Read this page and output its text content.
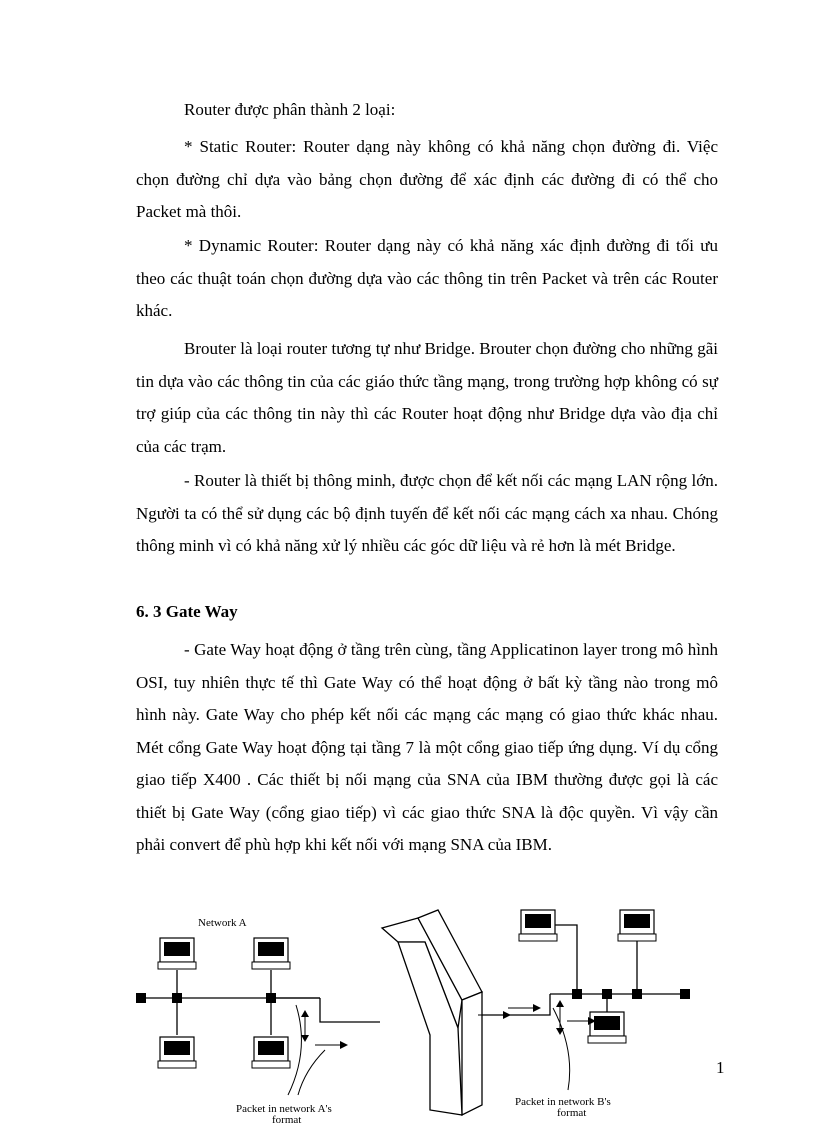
Router được phân thành 2 loại:

* Static Router: Router dạng này không có khả năng chọn đường đi. Việc chọn đường chỉ dựa vào bảng chọn đường để xác định các đường đi có thể cho Packet mà thôi.

* Dynamic Router: Router dạng này có khả năng xác định đường đi tối ưu theo các thuật toán chọn đường dựa vào các thông tin trên Packet và trên các Router khác.

Brouter là loại router tương tự như Bridge. Brouter chọn đường cho những gãi tin dựa vào các thông tin của các giáo thức tầng mạng, trong trường hợp không có sự trợ giúp của các thông tin này thì các Router hoạt động như Bridge dựa vào địa chỉ của các trạm.

- Router là thiết bị thông minh, được chọn để kết nối các mạng LAN rộng lớn. Người ta có thể sử dụng các bộ định tuyến để kết nối các mạng cách xa nhau. Chóng thông minh vì có khả năng xử lý nhiều các góc dữ liệu và rẻ hơn là mét Bridge.

6. 3 Gate Way

- Gate Way hoạt động ở tầng trên cùng, tầng Applicatinon layer trong mô hình OSI, tuy nhiên thực tế thì Gate Way có thể hoạt động ở bất kỳ tầng nào trong mô hình này. Gate Way cho phép kết nối các mạng các mạng có giao thức khác nhau. Mét cổng Gate Way hoạt động tại tầng 7 là một cổng giao tiếp ứng dụng. Ví dụ cổng giao tiếp X400 . Các thiết bị nối mạng của SNA của IBM thường được gọi là các thiết bị Gate Way (cổng giao tiếp) vì các giao thức SNA là độc quyền. Vì vậy cần phải convert để phù hợp khi kết nối với mạng SNA của IBM.

Network A
Packet in network A's
format
Packet in network B's
format
1
